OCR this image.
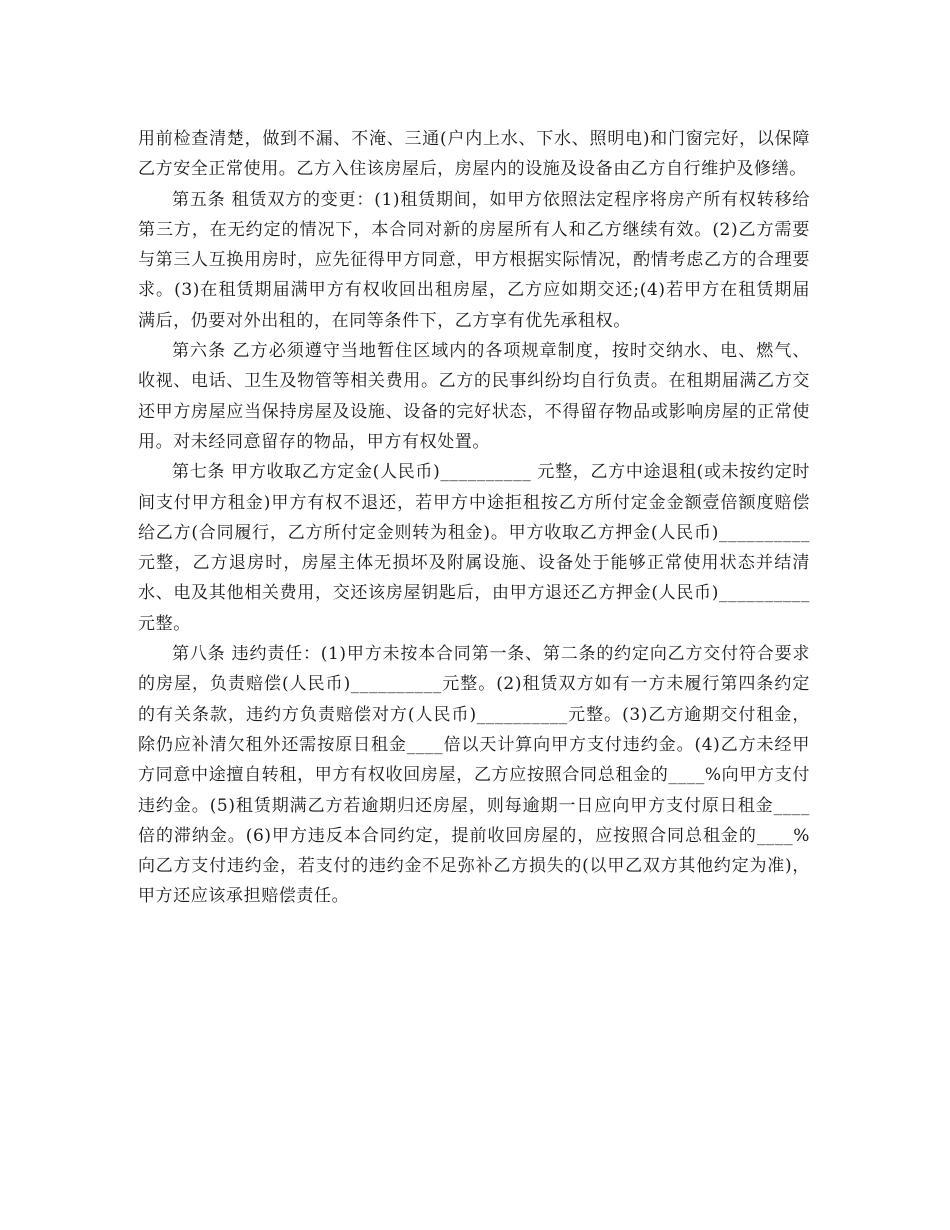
用前检查清楚，做到不漏、不淹、三通(户内上水、下水、照明电)和门窗完好，以保障乙方安全正常使用。乙方入住该房屋后，房屋内的设施及设备由乙方自行维护及修缮。

第五条 租赁双方的变更：(1)租赁期间，如甲方依照法定程序将房产所有权转移给第三方，在无约定的情况下，本合同对新的房屋所有人和乙方继续有效。(2)乙方需要与第三人互换用房时，应先征得甲方同意，甲方根据实际情况，酌情考虑乙方的合理要求。(3)在租赁期届满甲方有权收回出租房屋，乙方应如期交还;(4)若甲方在租赁期届满后，仍要对外出租的，在同等条件下，乙方享有优先承租权。

第六条 乙方必须遵守当地暂住区域内的各项规章制度，按时交纳水、电、燃气、收视、电话、卫生及物管等相关费用。乙方的民事纠纷均自行负责。在租期届满乙方交还甲方房屋应当保持房屋及设施、设备的完好状态，不得留存物品或影响房屋的正常使用。对未经同意留存的物品，甲方有权处置。

第七条 甲方收取乙方定金(人民币)__________ 元整，乙方中途退租(或未按约定时间支付甲方租金)甲方有权不退还，若甲方中途拒租按乙方所付定金金额壹倍额度赔偿给乙方(合同履行，乙方所付定金则转为租金)。甲方收取乙方押金(人民币)__________ 元整，乙方退房时，房屋主体无损坏及附属设施、设备处于能够正常使用状态并结清水、电及其他相关费用，交还该房屋钥匙后，由甲方退还乙方押金(人民币)__________元整。

第八条 违约责任：(1)甲方未按本合同第一条、第二条的约定向乙方交付符合要求的房屋，负责赔偿(人民币)__________元整。(2)租赁双方如有一方未履行第四条约定的有关条款，违约方负责赔偿对方(人民币)__________元整。(3)乙方逾期交付租金，除仍应补清欠租外还需按原日租金____倍以天计算向甲方支付违约金。(4)乙方未经甲方同意中途擅自转租，甲方有权收回房屋，乙方应按照合同总租金的____%向甲方支付违约金。(5)租赁期满乙方若逾期归还房屋，则每逾期一日应向甲方支付原日租金____倍的滞纳金。(6)甲方违反本合同约定，提前收回房屋的，应按照合同总租金的____%向乙方支付违约金，若支付的违约金不足弥补乙方损失的(以甲乙双方其他约定为准)，甲方还应该承担赔偿责任。
